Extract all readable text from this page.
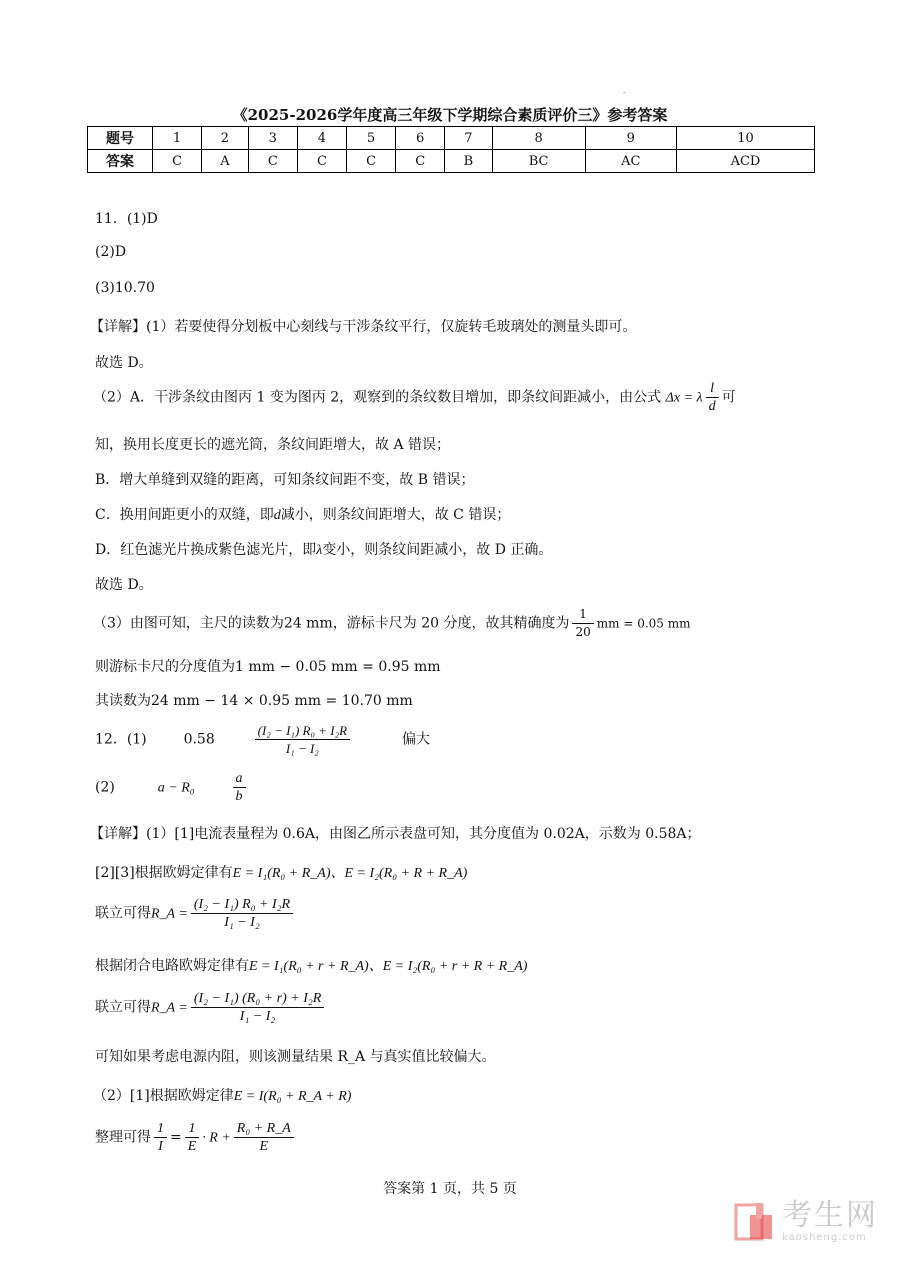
-
《2025-2026学年度高三年级下学期综合素质评价三》参考答案
题号	1	2	3	4	5	6	7	8	9	10
答案	C	A	C	C	C	C	B	BC	AC	ACD
11．(1)D
(2)D
(3)10.70
【详解】(1）若要使得分划板中心刻线与干涉条纹平行，仅旋转毛玻璃处的测量头即可。
故选 D。
（2）A．干涉条纹由图丙 1 变为图丙 2，观察到的条纹数目增加，即条纹间距减小，由公式 Δx = λ $\frac{l}{d}$ 可
知，换用长度更长的遮光筒，条纹间距增大，故 A 错误；
B．增大单缝到双缝的距离，可知条纹间距不变，故 B 错误；
C．换用间距更小的双缝，即d减小，则条纹间距增大，故 C 错误；
D．红色滤光片换成紫色滤光片，即λ变小，则条纹间距减小，故 D 正确。
故选 D。
（3）由图可知，主尺的读数为24 mm，游标卡尺为 20 分度，故其精确度为 $\frac{1}{20}$ mm = 0.05 mm
则游标卡尺的分度值为1 mm − 0.05 mm = 0.95 mm
其读数为24 mm − 14 × 0.95 mm = 10.70 mm
12．(1)	0.58	$\frac{\text{(I₂ − I₁) R₀ + I₂R}}{\text{I₁ − I₂}}$	偏大
(2)	a − R₀	$\frac{a}{b}$
【详解】(1）[1]电流表量程为 0.6A，由图乙所示表盘可知，其分度值为 0.02A，示数为 0.58A；
[2][3]根据欧姆定律有E = I₁(R₀ + R_A)、E = I₂(R₀ + R + R_A)
联立可得R_A = $\frac{\text{(I₂ − I₁) R₀ + I₂R}}{\text{I₁ − I₂}}$
根据闭合电路欧姆定律有E = I₁(R₀ + r + R_A)、E = I₂(R₀ + r + R + R_A)
联立可得R_A = $\frac{\text{(I₂ − I₁) (R₀ + r) + I₂R}}{\text{I₁ − I₂}}$
可知如果考虑电源内阻，则该测量结果 R_A 与真实值比较偏大。
（2）[1]根据欧姆定律E = I(R₀ + R_A + R)
整理可得 $\frac{1}{I} = \frac{1}{E} \cdot R + \frac{\text{R₀ + R\_A}}{E}$
答案第 1 页，共 5 页
考生网
kaosheng.com
